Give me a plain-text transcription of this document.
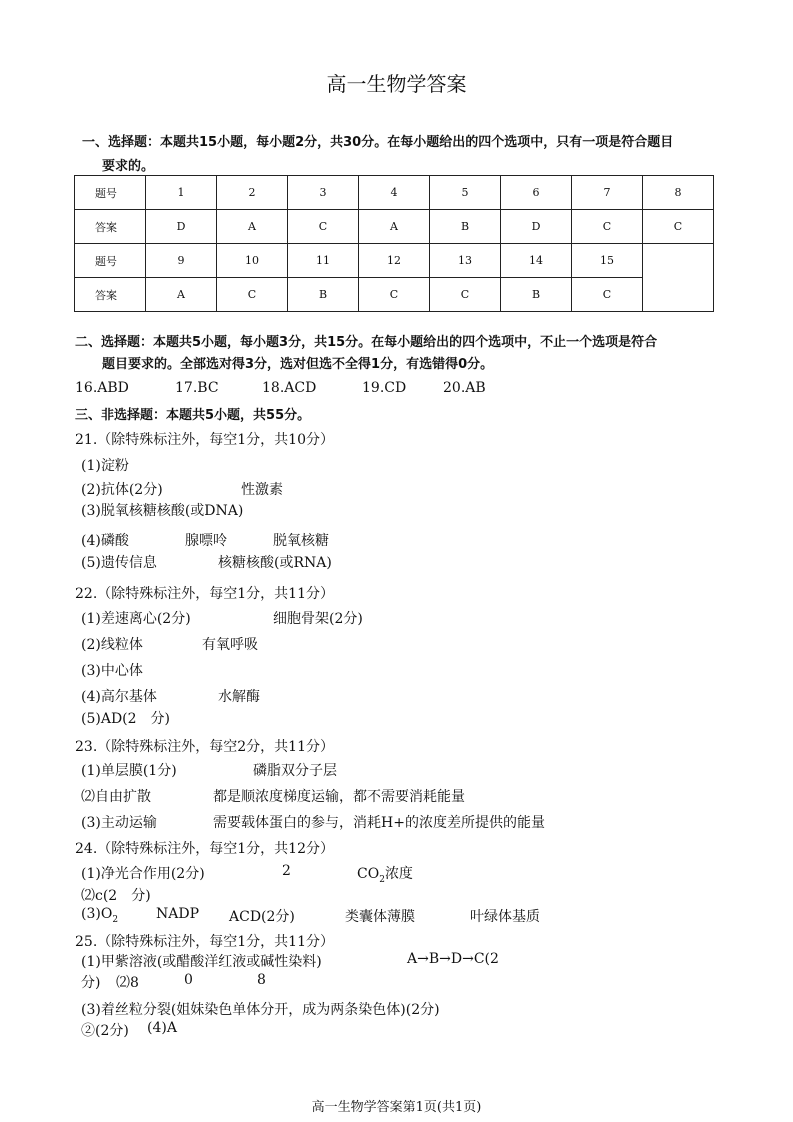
高一生物学答案
一、选择题：本题共15小题，每小题2分，共30分。在每小题给出的四个选项中，只有一项是符合题目
要求的。
题号	1	2	3	4	5	6	7	8
答案	D	A	C	A	B	D	C	C
题号	9	10	11	12	13	14	15	
答案	A	C	B	C	C	B	C	
二、选择题：本题共5小题，每小题3分，共15分。在每小题给出的四个选项中，不止一个选项是符合
题目要求的。全部选对得3分，选对但选不全得1分，有选错得0分。
16.ABD	17.BC	18.ACD	19.CD	20.AB
三、非选择题：本题共5小题，共55分。
21.（除特殊标注外，每空1分，共10分）
(1)淀粉
(2)抗体(2分)	性激素
(3)脱氧核糖核酸(或DNA)
(4)磷酸	腺嘌呤	脱氧核糖
(5)遗传信息	核糖核酸(或RNA)
22.（除特殊标注外，每空1分，共11分）
(1)差速离心(2分)	细胞骨架(2分)
(2)线粒体	有氧呼吸
(3)中心体
(4)高尔基体	水解酶
(5)AD(2　分)
23.（除特殊标注外，每空2分，共11分）
(1)单层膜(1分)	磷脂双分子层
⑵自由扩散	都是顺浓度梯度运输，都不需要消耗能量
(3)主动运输	需要载体蛋白的参与，消耗H+的浓度差所提供的能量
24.（除特殊标注外，每空1分，共12分）
(1)净光合作用(2分)	2	$CO_2$浓度
⑵c(2　分)
$(3)O_2$	NADP ACD(2分)	类囊体薄膜	叶绿体基质
25.（除特殊标注外，每空1分，共11分）
(1)甲紫溶液(或醋酸洋红液或碱性染料)	A→B→D→C(2
分) ⑵8	0	8
(3)着丝粒分裂(姐妹染色单体分开，成为两条染色体)(2分)
②(2分) (4)A
高一生物学答案第1页(共1页)
